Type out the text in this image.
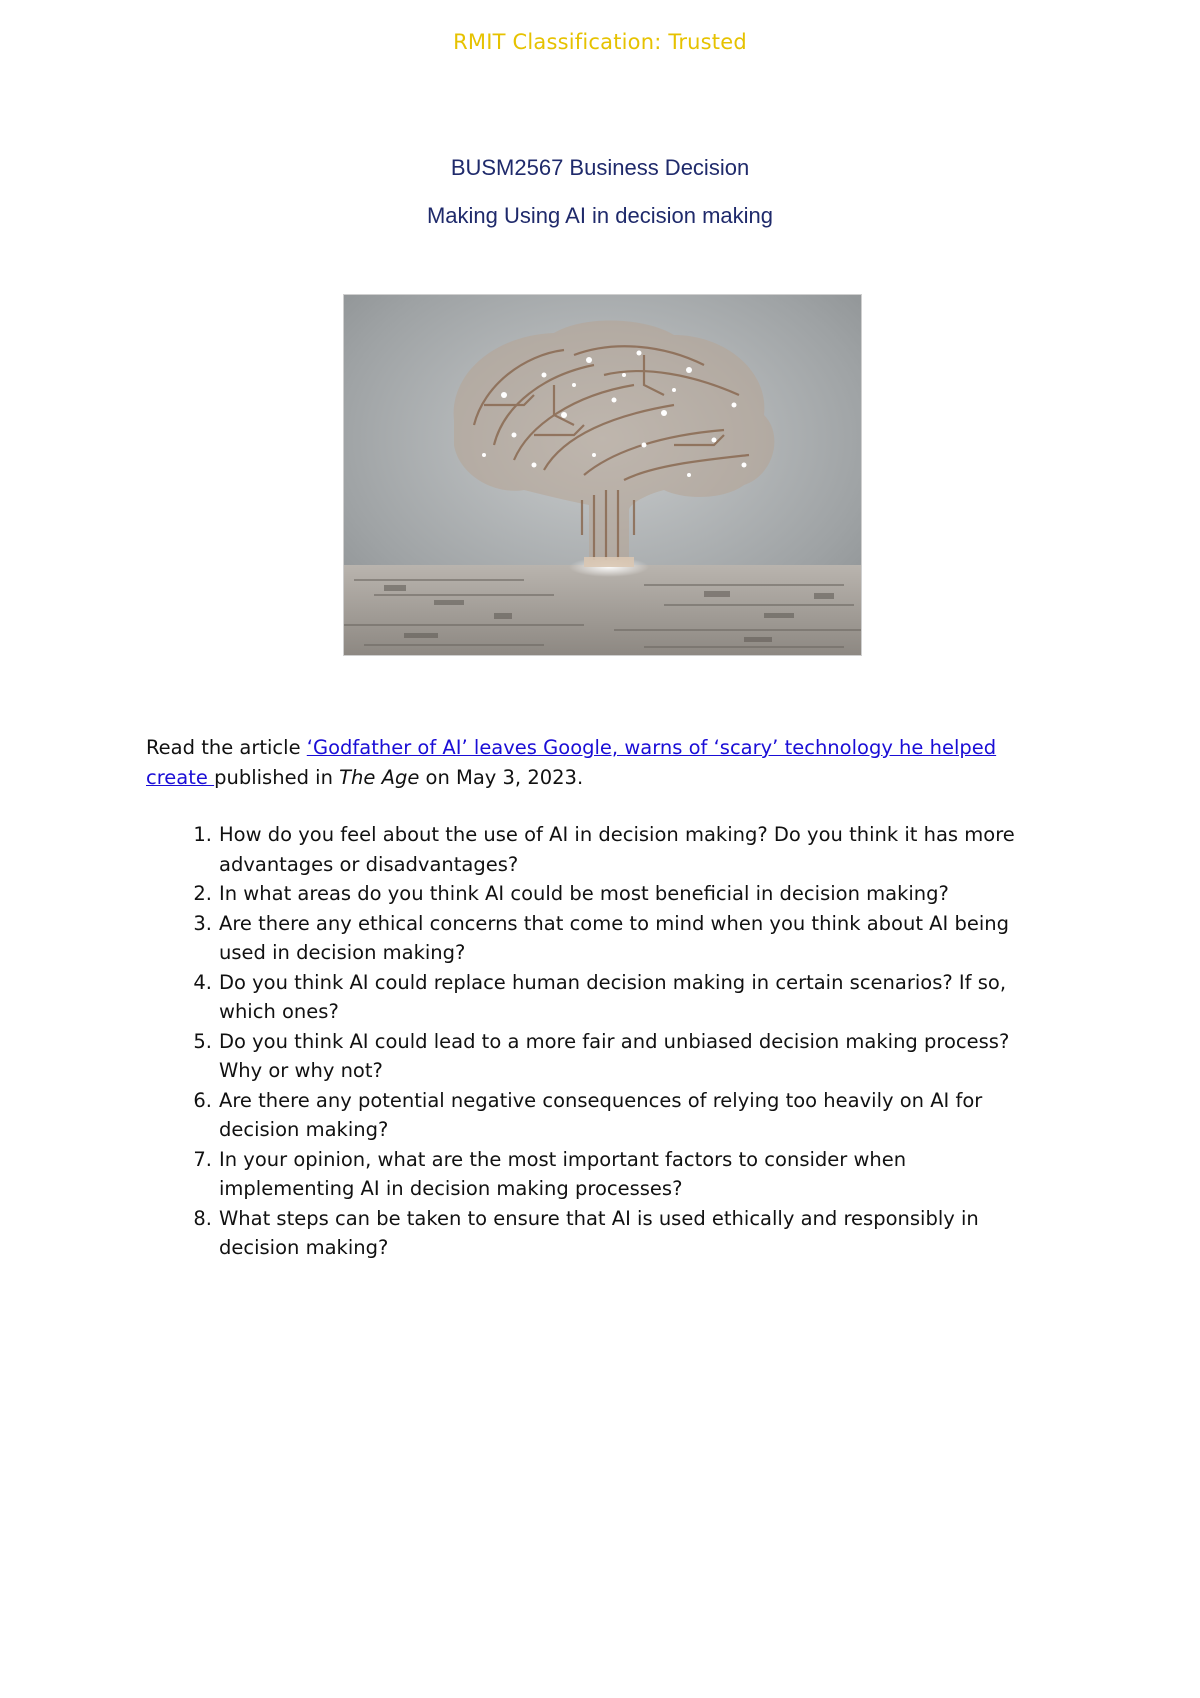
RMIT Classification: Trusted
BUSM2567 Business Decision
Making Using AI in decision making
Read the article ‘Godfather of AI’ leaves Google, warns of ‘scary’ technology he helped create published in The Age on May 3, 2023.
1. How do you feel about the use of AI in decision making? Do you think it has more advantages or disadvantages?
2. In what areas do you think AI could be most beneficial in decision making?
3. Are there any ethical concerns that come to mind when you think about AI being used in decision making?
4. Do you think AI could replace human decision making in certain scenarios? If so, which ones?
5. Do you think AI could lead to a more fair and unbiased decision making process? Why or why not?
6. Are there any potential negative consequences of relying too heavily on AI for decision making?
7. In your opinion, what are the most important factors to consider when implementing AI in decision making processes?
8. What steps can be taken to ensure that AI is used ethically and responsibly in decision making?
